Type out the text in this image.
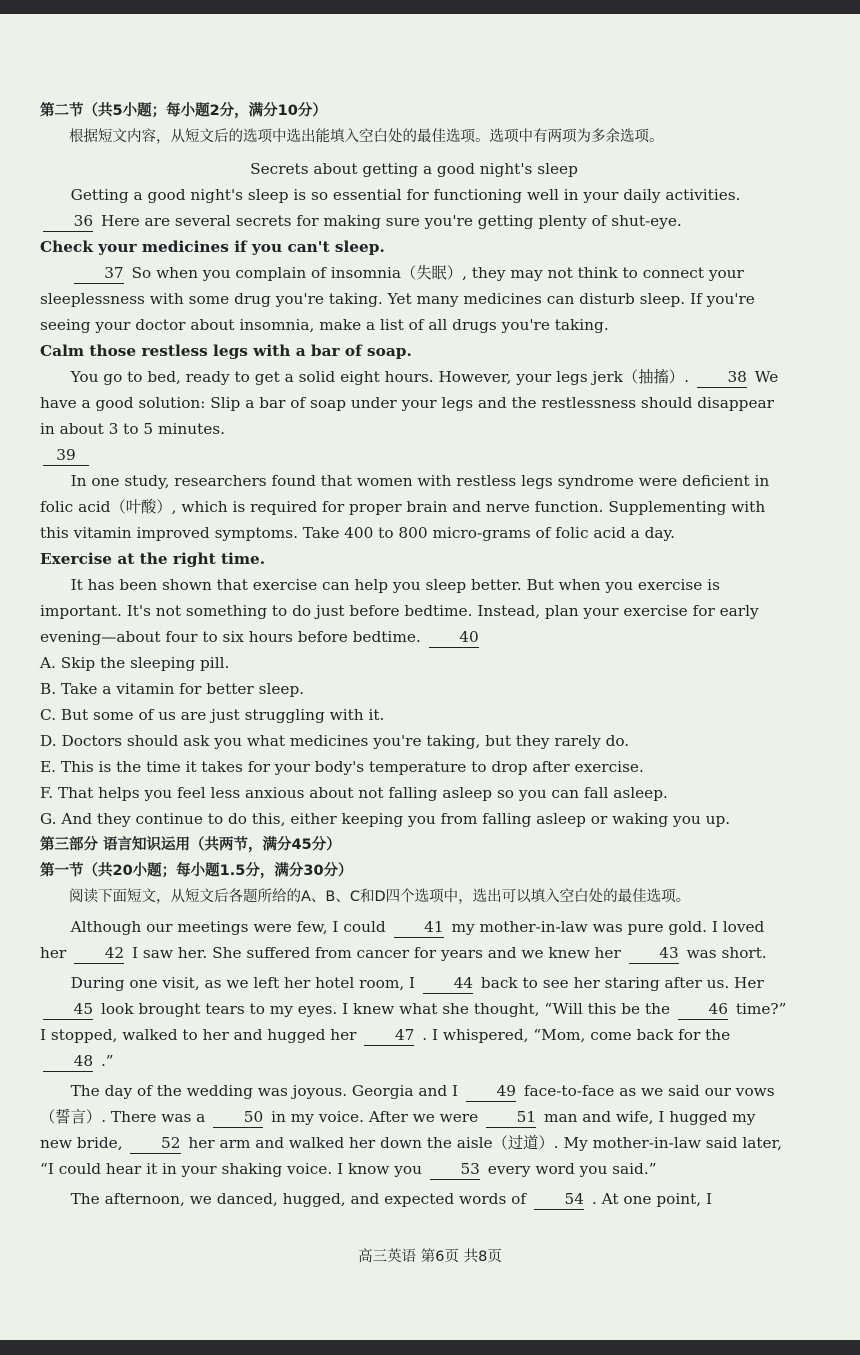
第二节（共5小题；每小题2分，满分10分）

根据短文内容，从短文后的选项中选出能填入空白处的最佳选项。选项中有两项为多余选项。

Secrets about getting a good night's sleep

Getting a good night's sleep is so essential for functioning well in your daily activities. 36 Here are several secrets for making sure you're getting plenty of shut-eye.

Check your medicines if you can't sleep.

37 So when you complain of insomnia（失眠）, they may not think to connect your sleeplessness with some drug you're taking. Yet many medicines can disturb sleep. If you're seeing your doctor about insomnia, make a list of all drugs you're taking.

Calm those restless legs with a bar of soap.

You go to bed, ready to get a solid eight hours. However, your legs jerk（抽搐）.	38 We have a good solution: Slip a bar of soap under your legs and the restlessness should disappear in about 3 to 5 minutes.

39

In one study, researchers found that women with restless legs syndrome were deficient in folic acid（叶酸）, which is required for proper brain and nerve function. Supplementing with this vitamin improved symptoms. Take 400 to 800 micro-grams of folic acid a day.

Exercise at the right time.

It has been shown that exercise can help you sleep better. But when you exercise is important. It's not something to do just before bedtime. Instead, plan your exercise for early evening—about four to six hours before bedtime.	40

A. Skip the sleeping pill.

B. Take a vitamin for better sleep.

C. But some of us are just struggling with it.

D. Doctors should ask you what medicines you're taking, but they rarely do.

E. This is the time it takes for your body's temperature to drop after exercise.

F. That helps you feel less anxious about not falling asleep so you can fall asleep.

G. And they continue to do this, either keeping you from falling asleep or waking you up.

第三部分 语言知识运用（共两节，满分45分）

第一节（共20小题；每小题1.5分，满分30分）

阅读下面短文，从短文后各题所给的A、B、C和D四个选项中，选出可以填入空白处的最佳选项。

Although our meetings were few, I could	41 my mother-in-law was pure gold. I loved her	42 I saw her. She suffered from cancer for years and we knew her	43 was short.

During one visit, as we left her hotel room, I	44 back to see her staring after us. Her 45 look brought tears to my eyes. I knew what she thought, “Will this be the	46 time?” I stopped, walked to her and hugged her	47 . I whispered, “Mom, come back for the 48 .”

The day of the wedding was joyous. Georgia and I	49 face-to-face as we said our vows（誓言）. There was a	50 in my voice. After we were	51 man and wife, I hugged my new bride,	52 her arm and walked her down the aisle（过道）. My mother-in-law said later, “I could hear it in your shaking voice. I know you	53 every word you said.”

The afternoon, we danced, hugged, and expected words of	54 . At one point, I

高三英语 第6页 共8页
